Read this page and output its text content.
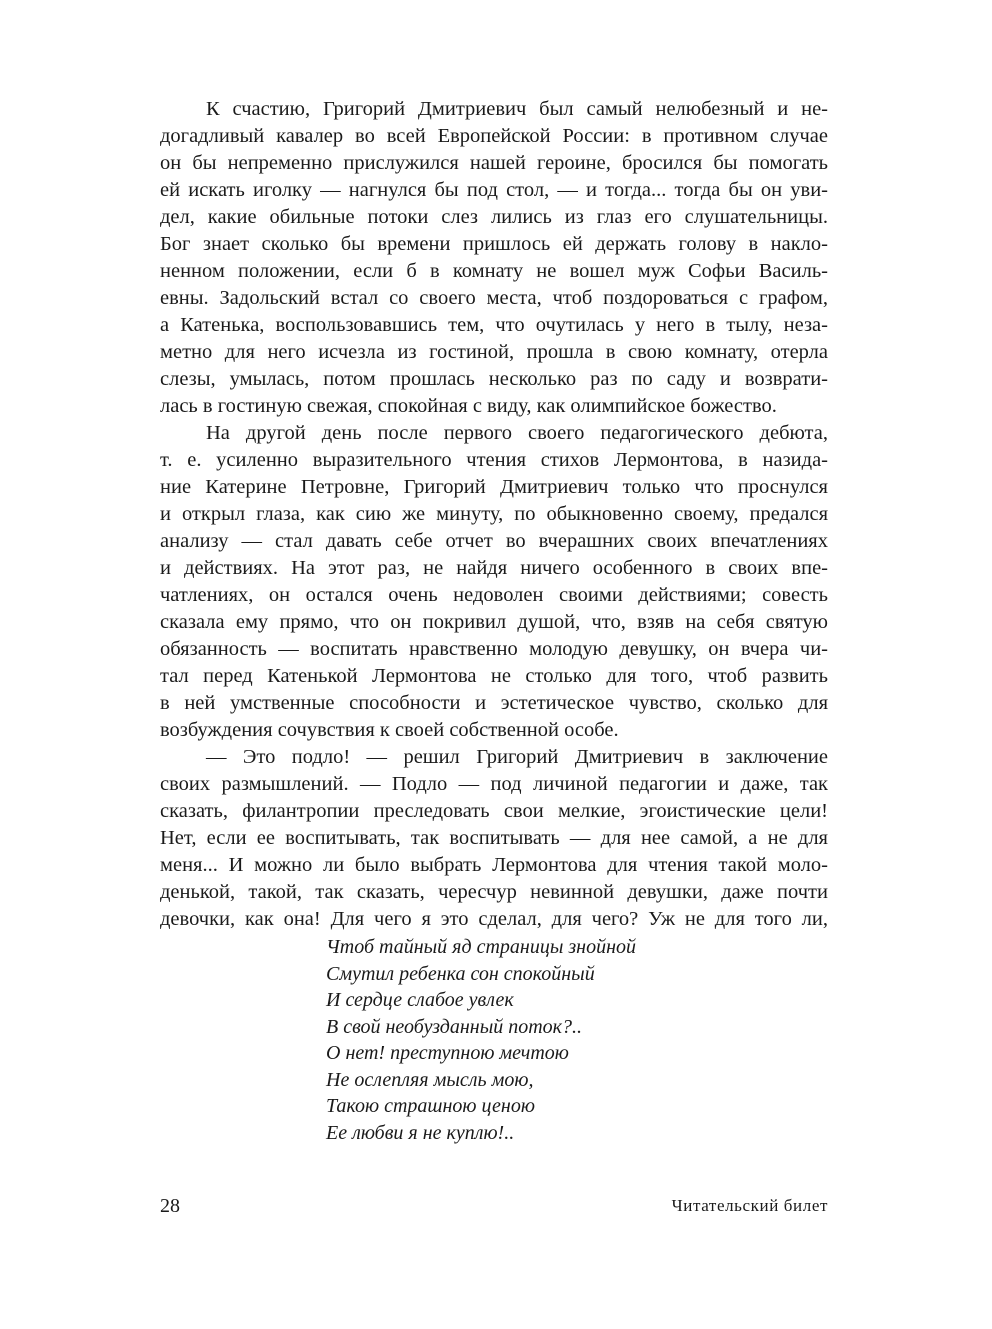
К счастию, Григорий Дмитриевич был самый нелюбезный и не-
догадливый кавалер во всей Европейской России: в противном случае
он бы непременно прислужился нашей героине, бросился бы помогать
ей искать иголку — нагнулся бы под стол, — и тогда... тогда бы он уви-
дел, какие обильные потоки слез лились из глаз его слушательницы.
Бог знает сколько бы времени пришлось ей держать голову в накло-
ненном положении, если б в комнату не вошел муж Софьи Василь-
евны. Задольский встал со своего места, чтоб поздороваться с графом,
а Катенька, воспользовавшись тем, что очутилась у него в тылу, неза-
метно для него исчезла из гостиной, прошла в свою комнату, отерла
слезы, умылась, потом прошлась несколько раз по саду и возврати-
лась в гостиную свежая, спокойная с виду, как олимпийское божество.
На другой день после первого своего педагогического дебюта,
т. е. усиленно выразительного чтения стихов Лермонтова, в назида-
ние Катерине Петровне, Григорий Дмитриевич только что проснулся
и открыл глаза, как сию же минуту, по обыкновенно своему, предался
анализу — стал давать себе отчет во вчерашних своих впечатлениях
и действиях. На этот раз, не найдя ничего особенного в своих впе-
чатлениях, он остался очень недоволен своими действиями; совесть
сказала ему прямо, что он покривил душой, что, взяв на себя святую
обязанность — воспитать нравственно молодую девушку, он вчера чи-
тал перед Катенькой Лермонтова не столько для того, чтоб развить
в ней умственные способности и эстетическое чувство, сколько для
возбуждения сочувствия к своей собственной особе.
— Это подло! — решил Григорий Дмитриевич в заключение
своих размышлений. — Подло — под личиной педагогии и даже, так
сказать, филантропии преследовать свои мелкие, эгоистические цели!
Нет, если ее воспитывать, так воспитывать — для нее самой, а не для
меня... И можно ли было выбрать Лермонтова для чтения такой моло-
денькой, такой, так сказать, чересчур невинной девушки, даже почти
девочки, как она! Для чего я это сделал, для чего? Уж не для того ли,
Чтоб тайный яд страницы знойной
Смутил ребенка сон спокойный
И сердце слабое увлек
В свой необузданный поток?..
О нет! преступною мечтою
Не ослепляя мысль мою,
Такою страшною ценою
Ее любви я не куплю!..
28	Читательский билет
